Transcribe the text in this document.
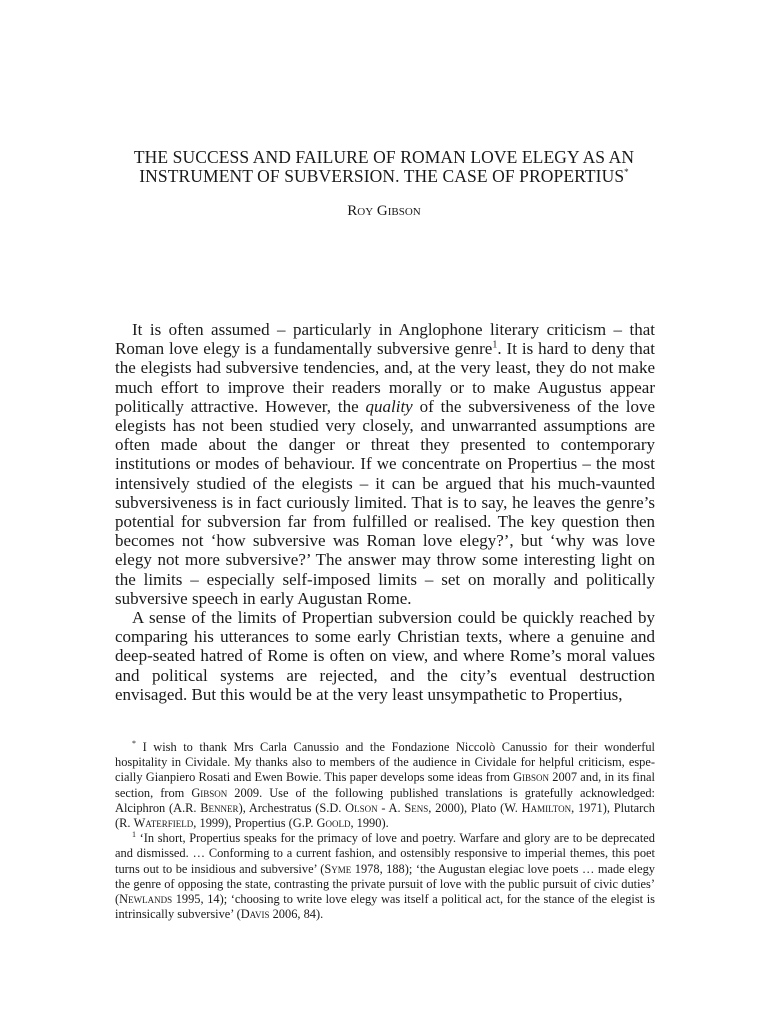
THE SUCCESS AND FAILURE OF ROMAN LOVE ELEGY AS AN
INSTRUMENT OF SUBVERSION. THE CASE OF PROPERTIUS*
Roy Gibson

It is often assumed – particularly in Anglophone literary criticism – that Roman love elegy is a fundamentally subversive genre$^1$. It is hard to deny that the elegists had subversive tendencies, and, at the very least, they do not make much effort to improve their readers morally or to make Augustus appear politically attractive. However, the quality of the subversiveness of the love elegists has not been studied very closely, and unwarranted assumptions are often made about the danger or threat they presented to contemporary institutions or modes of behaviour. If we concentrate on Propertius – the most intensively studied of the elegists – it can be argued that his much-vaunted subversiveness is in fact curiously limited. That is to say, he leaves the genre’s potential for subversion far from fulfilled or realised. The key question then becomes not ‘how subversive was Roman love elegy?’, but ‘why was love elegy not more subversive?’ The answer may throw some interesting light on the limits – especially self-imposed limits – set on morally and politically subversive speech in early Augustan Rome.

A sense of the limits of Propertian subversion could be quickly reached by comparing his utterances to some early Christian texts, where a genuine and deep-seated hatred of Rome is often on view, and where Rome’s moral values and political systems are rejected, and the city’s eventual destruction envisaged. But this would be at the very least unsympathetic to Propertius,

* I wish to thank Mrs Carla Canussio and the Fondazione Niccolò Canussio for their wonderful hospitality in Cividale. My thanks also to members of the audience in Cividale for helpful criticism, especially Gianpiero Rosati and Ewen Bowie. This paper develops some ideas from Gibson 2007 and, in its final section, from Gibson 2009. Use of the following published translations is gratefully acknowledged: Alciphron (A.R. Benner), Archestratus (S.D. Olson - A. Sens, 2000), Plato (W. Hamilton, 1971), Plutarch (R. Waterfield, 1999), Propertius (G.P. Goold, 1990).

$^1$ ‘In short, Propertius speaks for the primacy of love and poetry. Warfare and glory are to be deprecated and dismissed. … Conforming to a current fashion, and ostensibly responsive to imperial themes, this poet turns out to be insidious and subversive’ (Syme 1978, 188); ‘the Augustan elegiac love poets … made elegy the genre of opposing the state, contrasting the private pursuit of love with the public pursuit of civic duties’ (Newlands 1995, 14); ‘choosing to write love elegy was itself a political act, for the stance of the elegist is intrinsically subversive’ (Davis 2006, 84).
